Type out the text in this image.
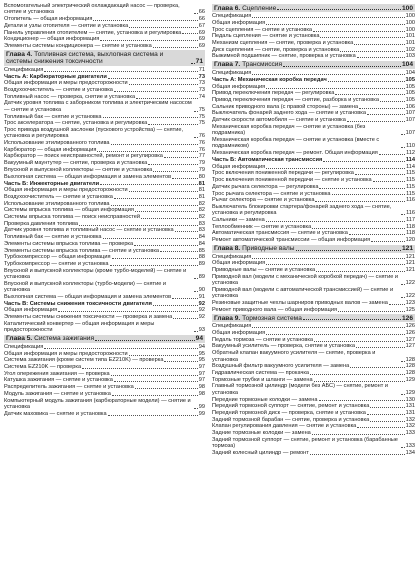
Вспомогательный электрический охлаждающий насос — проверка, снятие и установка	66
Отопитель — общая информация	66
Детали и узлы отопителя — снятие и установка	67
Панель управления отопителем — снятие, установка и регулировка	69
Кондиционер — общая информация	69
Элементы системы кондиционера — снятие и установка	69
Глава 4. Топливная система, выхлопная система и системы снижения токсичности	71
Спецификация	71
Часть А: Карбюраторные двигатели	73
Общая информация и меры предосторожности	73
Воздухоочиститель — снятие и установка	73
Топливный насос — проверка, снятие и установка	74
Датчик уровня топлива с заборником топлива и электрическим насосом — снятие и установка	75
Топливный бак — снятие и установка	75
Трос акселератора — снятие, установка и регулировка	75
Трос привода воздушной заслонки (пускового устройства) — снятие, установка и регулировка	76
Использование этилированного топлива	76
Карбюратор — общая информация	76
Карбюратор — поиск неисправностей, ремонт и регулировка	77
Вакуумный маунтутер — снятие, проверка и установка	79
Впускной и выпускной коллекторы — снятие и установка	79
Выхлопная система — общая информация и замена элементов	80
Часть Б: Инжекторные двигатели	81
Общая информация и меры предосторожности	81
Воздухоочиститель — снятие и установка	81
Использование этилированного топлива	82
Системы впрыска топлива — общая информация	82
Системы впрыска топлива — поиск неисправностей	82
Проверка давления топлива	83
Датчик уровня топлива и топливный насос — снятие и установка	83
Топливный бак — снятие и установка	84
Элементы системы впрыска топлива — проверка	84
Элементы системы впрыска топлива — снятие и установка	85
Турбокомпрессор — общая информация	88
Турбокомпрессор — снятие и установка	89
Впускной и выпускной коллекторы (кроме турбо-моделей) — снятие и установка	89
Впускной и выпускной коллекторы (турбо-модели) — снятие и установка	90
Выхлопная система — общая информация и замена элементов	91
Часть В: Системы снижения токсичности двигателя	92
Общая информация	92
Элементы системы снижения токсичности — проверка и замена	92
Каталитический конвертер — общая информация и меры предосторожности	93
Глава 5. Система зажигания	94
Спецификация	94
Общая информация и меры предосторожности	95
Система зажигания (кроме систем типа EZ210K) — проверка	95
Система EZ210K — проверка	97
Угол опережения зажигания — проверка	97
Катушка зажигания — снятие и установка	97
Распределитель зажигания — снятие и установка	98
Модуль зажигания — снятие и установка	98
Компьютерный модуль зажигания (карбюраторные модели) — снятие и установка	99
Датчик маховика — снятие и установка	99
Глава 6. Сцепление	100
Спецификация	100
Общая информация	100
Трос сцепления — снятие и установка	100
Педаль сцепления — снятие и установка	101
Механизм сцепления — снятие, проверка и установка	101
Диск сцепления — снятие, проверка и установка	102
Выжимной подшипник — снятие, проверка и установка	103
Глава 7. Трансмиссия	104
Спецификация	104
Часть А: Механическая коробка передач	105
Общая информация	105
Привод переключения передач — регулировка	105
Привод переключения передач — снятие, разборка и установка	105
Сальник приводного вала (с правой стороны) — замена	106
Выключатель фонарей заднего хода — снятие и установка	107
Датчик скорости автомобиля — снятие и установка	107
Механическая коробка передач — снятие и установка (без подрамника)	107
Механическая коробка передач — снятие и установка (вместе с подрамником)	110
Механическая коробка передач — ремонт. Общая информация	112
Часть Б: Автоматическая трансмиссия	114
Общая информация	114
Трос включения пониженной передачи — регулировка	115
Трос включения пониженной передачи — снятие и установка	115
Датчик рычага селектора — регулировка	115
Трос рычага селектора — снятие и установка	115
Рычаг селектора — снятие и установка	116
Выключатель блокировки стартера/фонарей заднего хода — снятие, установка и регулировка	116
Сальники — замена	117
Теплообменник — снятие и установка	118
Автоматическая трансмиссия — снятие и установка	118
Ремонт автоматической трансмиссии — общая информация	120
Глава 8. Приводные валы	121
Спецификация	121
Общая информация	121
Приводные валы — снятие и установка	121
Приводной вал (модели с механической коробкой передач) — снятие и установка	122
Приводной вал (модели с автоматической трансмиссией) — снятие и установка	122
Резиновые защитные чехлы шарниров приводных валов — замена	123
Ремонт приводного вала — общая информация	125
Глава 9. Тормозная система	126
Спецификация	126
Общая информация	126
Педаль тормоза — снятие и установка	127
Вакуумный усилитель — проверка, снятие и установка	127
Обратный клапан вакуумного усилителя — снятие, проверка и установка	128
Воздушный фильтр вакуумного усилителя — замена	128
Гидравлическая система — прокачка	128
Тормозные трубки и шланги — замена	129
Главный тормозной цилиндр (модели без АБС) — снятие, ремонт и установка	129
Передние тормозные колодки — замена	130
Передний тормозной суппорт — снятие, ремонт и установка	131
Передний тормозной диск — проверка, снятие и установка	131
Задний тормозной барабан — снятие, проверка и установка	132
Клапан регулирования давления — снятие и установка	132
Задние тормозные колодки — замена	133
Задний тормозной суппорт — снятие, ремонт и установка (барабанные тормоза)	133
Задний колесный цилиндр — ремонт	134
